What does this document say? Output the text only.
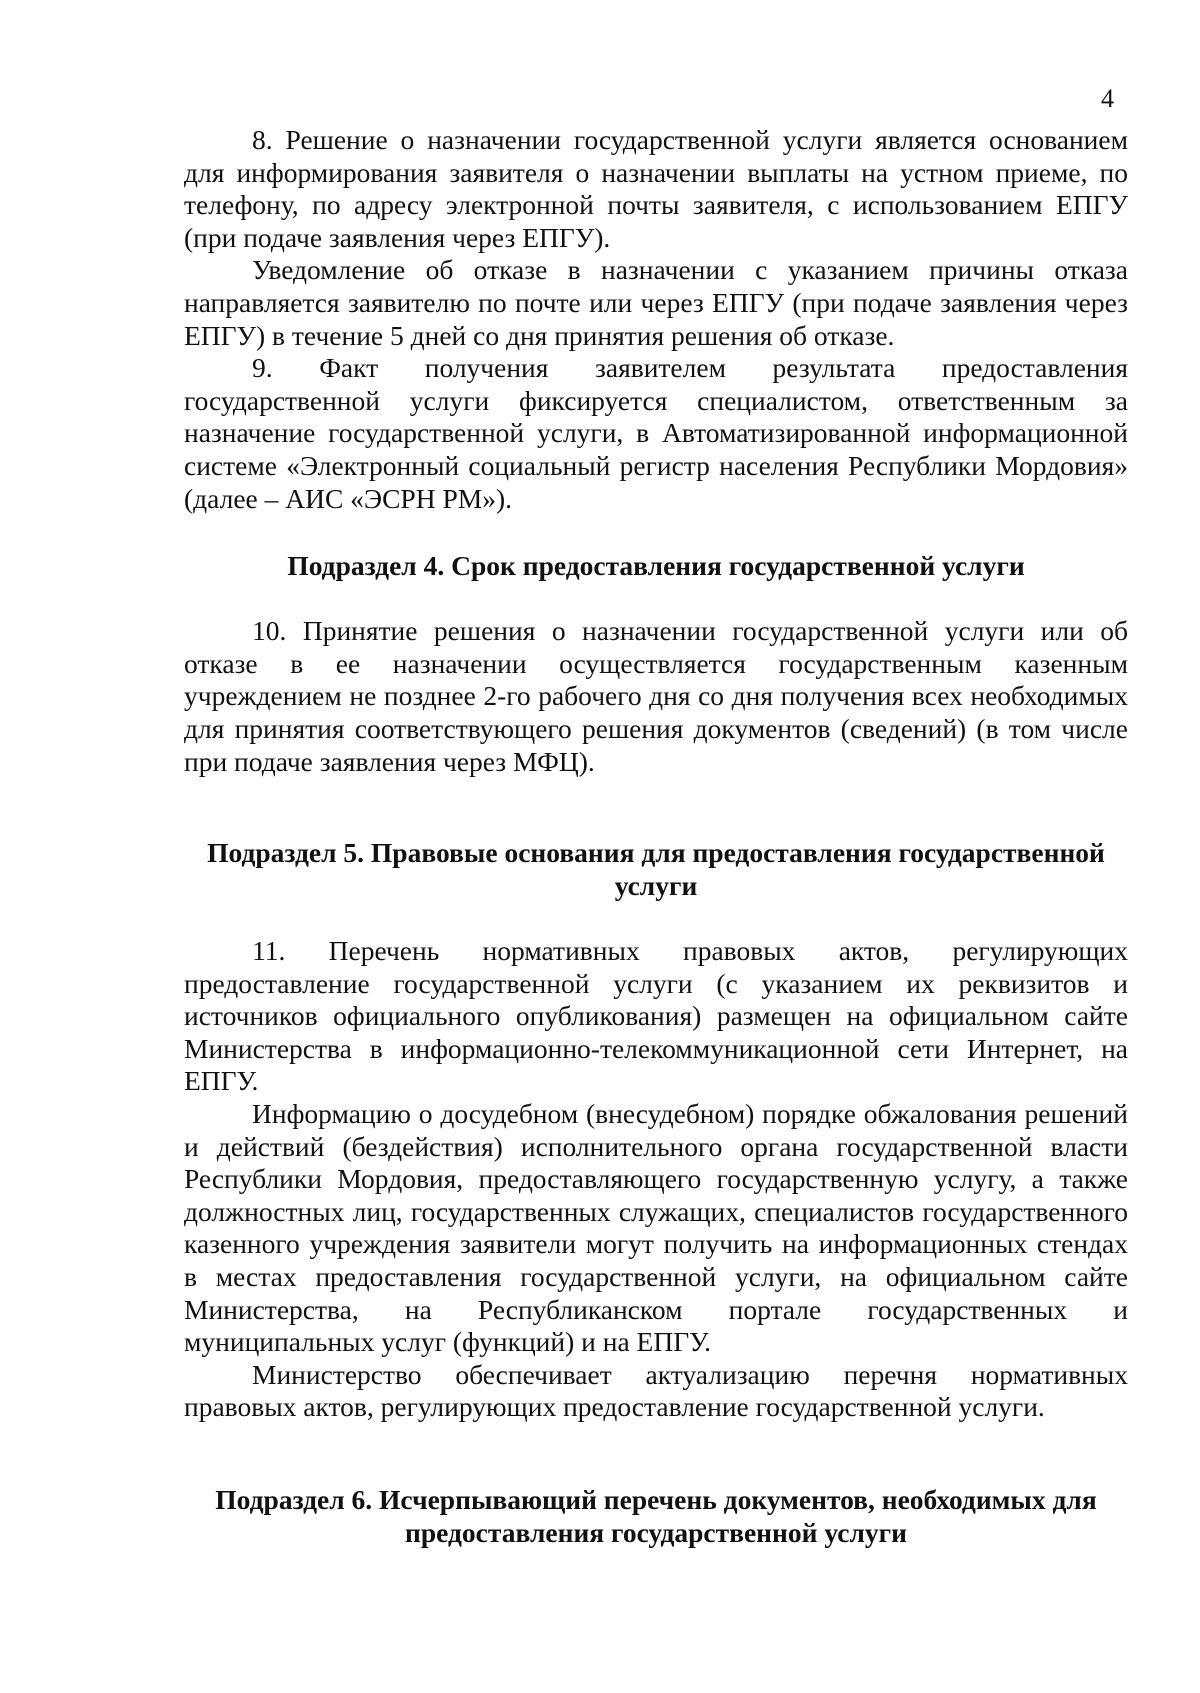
4

8. Решение о назначении государственной услуги является основанием для информирования заявителя о назначении выплаты на устном приеме, по телефону, по адресу электронной почты заявителя, с использованием ЕПГУ (при подаче заявления через ЕПГУ).

Уведомление об отказе в назначении с указанием причины отказа направляется заявителю по почте или через ЕПГУ (при подаче заявления через ЕПГУ) в течение 5 дней со дня принятия решения об отказе.

9. Факт получения заявителем результата предоставления государственной услуги фиксируется специалистом, ответственным за назначение государственной услуги, в Автоматизированной информационной системе «Электронный социальный регистр населения Республики Мордовия» (далее – АИС «ЭСРН РМ»).

Подраздел 4. Срок предоставления государственной услуги

10. Принятие решения о назначении государственной услуги или об отказе в ее назначении осуществляется государственным казенным учреждением не позднее 2-го рабочего дня со дня получения всех необходимых для принятия соответствующего решения документов (сведений) (в том числе при подаче заявления через МФЦ).

Подраздел 5. Правовые основания для предоставления государственной услуги

11. Перечень нормативных правовых актов, регулирующих предоставление государственной услуги (с указанием их реквизитов и источников официального опубликования) размещен на официальном сайте Министерства в информационно-телекоммуникационной сети Интернет, на ЕПГУ.

Информацию о досудебном (внесудебном) порядке обжалования решений и действий (бездействия) исполнительного органа государственной власти Республики Мордовия, предоставляющего государственную услугу, а также должностных лиц, государственных служащих, специалистов государственного казенного учреждения заявители могут получить на информационных стендах в местах предоставления государственной услуги, на официальном сайте Министерства, на Республиканском портале государственных и муниципальных услуг (функций) и на ЕПГУ.

Министерство обеспечивает актуализацию перечня нормативных правовых актов, регулирующих предоставление государственной услуги.

Подраздел 6. Исчерпывающий перечень документов, необходимых для предоставления государственной услуги
